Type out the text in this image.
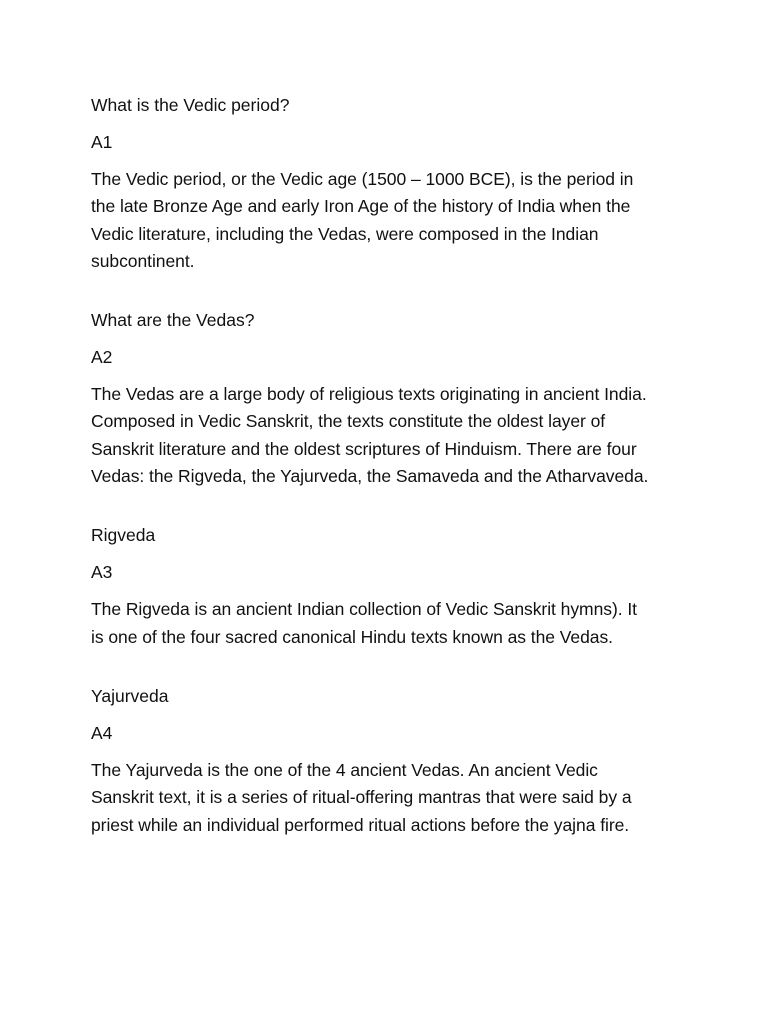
What is the Vedic period?

A1

The Vedic period, or the Vedic age (1500 – 1000 BCE), is the period in
the late Bronze Age and early Iron Age of the history of India when the
Vedic literature, including the Vedas, were composed in the Indian
subcontinent.

What are the Vedas?

A2

The Vedas are a large body of religious texts originating in ancient India.
Composed in Vedic Sanskrit, the texts constitute the oldest layer of
Sanskrit literature and the oldest scriptures of Hinduism. There are four
Vedas: the Rigveda, the Yajurveda, the Samaveda and the Atharvaveda.

Rigveda

A3

The Rigveda is an ancient Indian collection of Vedic Sanskrit hymns). It
is one of the four sacred canonical Hindu texts known as the Vedas.

Yajurveda

A4

The Yajurveda is the one of the 4 ancient Vedas. An ancient Vedic
Sanskrit text, it is a series of ritual-offering mantras that were said by a
priest while an individual performed ritual actions before the yajna fire.
